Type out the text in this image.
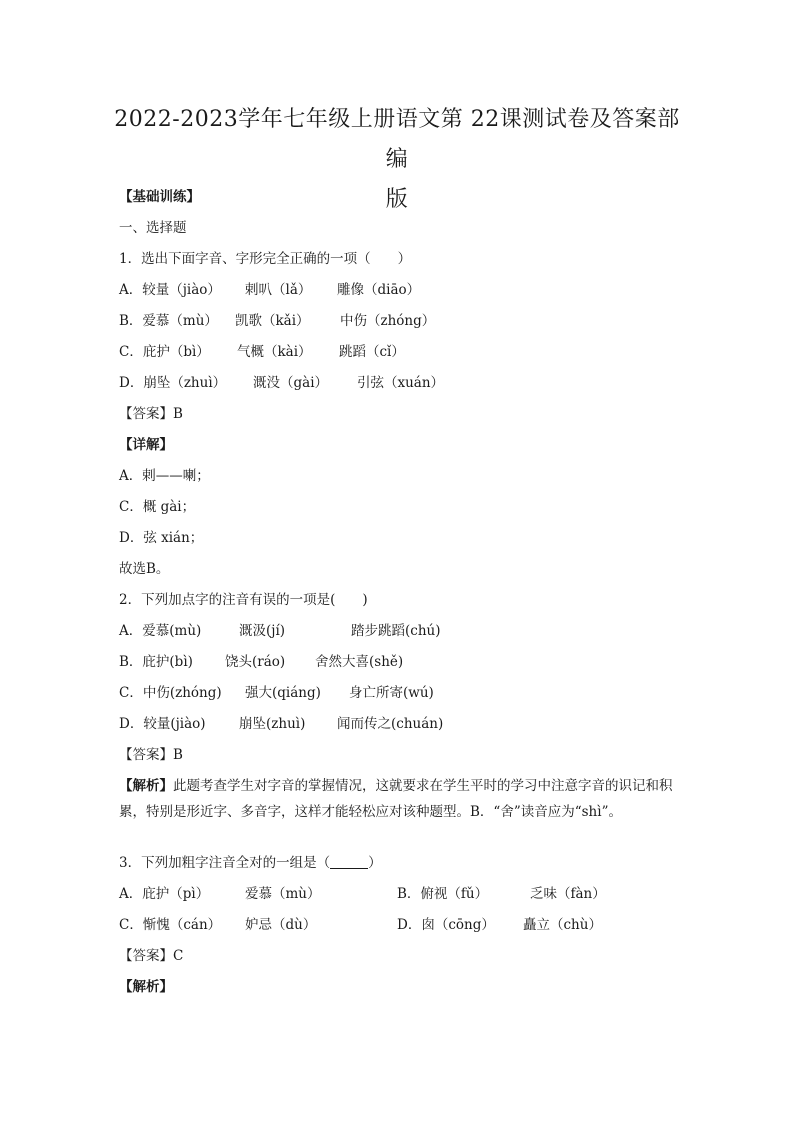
2022-2023学年七年级上册语文第 22课测试卷及答案部编
版
【基础训练】
一、选择题
1．选出下面字音、字形完全正确的一项（　　）
A．较量（jiào） 剌叭（lǎ） 雕像（diāo）
B．爱慕（mù） 凯歌（kǎi） 中伤（zhóng）
C．庇护（bì） 气概（kài） 跳蹈（cǐ）
D．崩坠（zhuì） 溉没（gài） 引弦（xuán）
【答案】B
【详解】
A．剌——喇；
C．概 gài；
D．弦 xián；
故选B。
2．下列加点字的注音有误的一项是(　　)
A．爱慕(mù)	溉汲(jí)	踏步跳蹈(chú)
B．庇护(bì) 饶头(ráo) 舍然大喜(shě)
C．中伤(zhóng) 强大(qiáng) 身亡所寄(wú)
D．较量(jiào) 崩坠(zhuì) 闻而传之(chuán)
【答案】B
【解析】此题考查学生对字音的掌握情况，这就要求在学生平时的学习中注意字音的识记和积累，特别是形近字、多音字，这样才能轻松应对该种题型。B．“舍”读音应为“shì”。
3．下列加粗字注音全对的一组是（	）
A．庇护（pì）	爱慕（mù）	B．俯视（fǔ）	乏味（fàn）
C．惭愧（cán） 妒忌（dù）	D．囱（cōng） 矗立（chù）
【答案】C
【解析】
